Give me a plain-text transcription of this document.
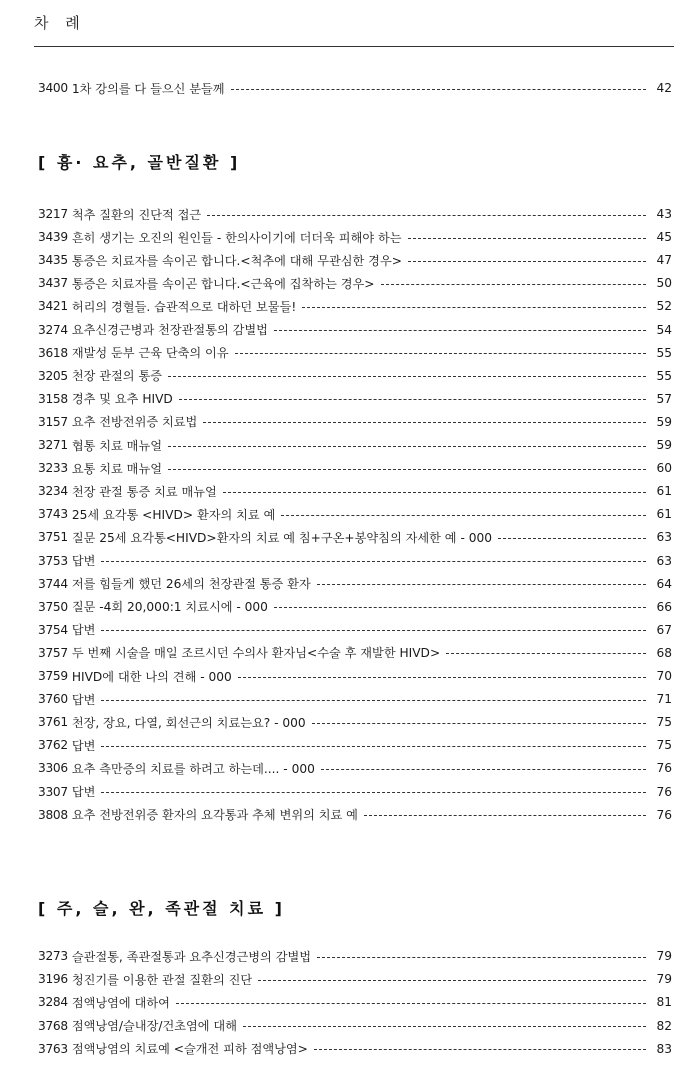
차 례
3400 1차 강의를 다 들으신 분들께	42
[ 흉· 요추, 골반질환 ]
[ 주, 슬, 완, 족관절 치료 ]
3217 척추 질환의 진단적 접근	43
3439 흔히 생기는 오진의 원인들 - 한의사이기에 더더욱 피해야 하는	45
3435 통증은 치료자를 속이곤 합니다.<척추에 대해 무관심한 경우>	47
3437 통증은 치료자를 속이곤 합니다.<근육에 집착하는 경우>	50
3421 허리의 경혈들. 습관적으로 대하던 보물들!	52
3274 요추신경근병과 천장관절통의 감별법	54
3618 재발성 둔부 근육 단축의 이유	55
3205 천장 관절의 통증	55
3158 경추 및 요추 HIVD	57
3157 요추 전방전위증 치료법	59
3271 협통 치료 매뉴얼	59
3233 요통 치료 매뉴얼	60
3234 천장 관절 통증 치료 매뉴얼	61
3743 25세 요각통 <HIVD> 환자의 치료 예	61
3751 질문 25세 요각통<HIVD>환자의 치료 예 침+구온+봉약침의 자세한 예 - 000	63
3753 답변	63
3744 저를 힘들게 했던 26세의 천장관절 통증 환자	64
3750 질문 -4회 20,000:1 치료시에 - 000	66
3754 답변	67
3757 두 번째 시술을 매일 조르시던 수의사 환자님<수술 후 재발한 HIVD>	68
3759 HIVD에 대한 나의 견해 - 000	70
3760 답변	71
3761 천장, 장요, 다열, 회선근의 치료는요? - 000	75
3762 답변	75
3306 요추 측만증의 치료를 하려고 하는데.... - 000	76
3307 답변	76
3808 요추 전방전위증 환자의 요각통과 추체 변위의 치료 예	76
3273 슬관절통, 족관절통과 요추신경근병의 감별법	79
3196 청진기를 이용한 관절 질환의 진단	79
3284 점액낭염에 대하여	81
3768 점액낭염/슬내장/건초염에 대해	82
3763 점액낭염의 치료예 <슬개전 피하 점액낭염>	83
